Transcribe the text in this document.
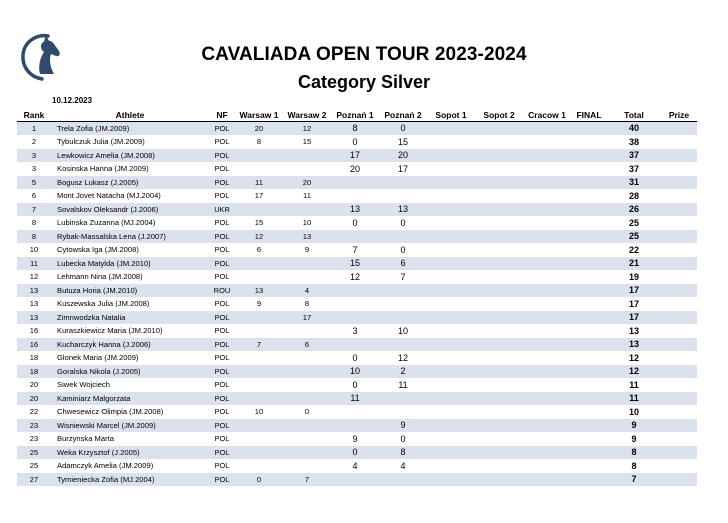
CAVALIADA OPEN TOUR 2023-2024
Category Silver
10.12.2023
Rank	Athlete	NF	Warsaw 1	Warsaw 2	Poznań 1	Poznań 2	Sopot 1	Sopot 2	Cracow 1	FINAL	Total	Prize
1	Trela Zofia (JM.2009)	POL	20	12	8	0					40	
2	Tybulczuk Julia (JM.2009)	POL	8	15	0	15					38	
3	Lewkowicz Amelia (JM.2008)	POL			17	20					37	
3	Kosinska Hanna (JM.2009)	POL			20	17					37	
5	Bogusz Lukasz (J.2005)	POL	11	20							31	
6	Mont Jovet Natacha (MJ.2004)	POL	17	11							28	
7	Sovalskov Oleksandr (J.2006)	UKR			13	13					26	
8	Lubinska Zuzanna (MJ.2004)	POL	15	10	0	0					25	
8	Rybak-Massalska Lena (J.2007)	POL	12	13							25	
10	Cytowska Iga (JM.2008)	POL	6	9	7	0					22	
11	Lubecka Matylda (JM.2010)	POL			15	6					21	
12	Lehmann Nina (JM.2008)	POL			12	7					19	
13	Butuza Horia (JM.2010)	ROU	13	4							17	
13	Kuszewska Julia (JM.2008)	POL	9	8							17	
13	Zimnwodzka Natalia	POL		17							17	
16	Kuraszkiewicz Maria (JM.2010)	POL			3	10					13	
16	Kucharczyk Hanna (J.2006)	POL	7	6							13	
18	Glonek Maria (JM.2009)	POL			0	12					12	
18	Goralska Nikola (J.2005)	POL			10	2					12	
20	Siwek Wojciech	POL			0	11					11	
20	Kaminiarz Malgorzata	POL			11						11	
22	Chwesewicz Olimpia (JM.2008)	POL	10	0							10	
23	Wisniewski Marcel (JM.2009)	POL				9					9	
23	Burzynska Marta	POL			9	0					9	
25	Weka Krzysztof (J.2005)	POL			0	8					8	
25	Adamczyk Amelia (JM.2009)	POL			4	4					8	
27	Tymieniecka Zofia (MJ.2004)	POL	0	7							7	
